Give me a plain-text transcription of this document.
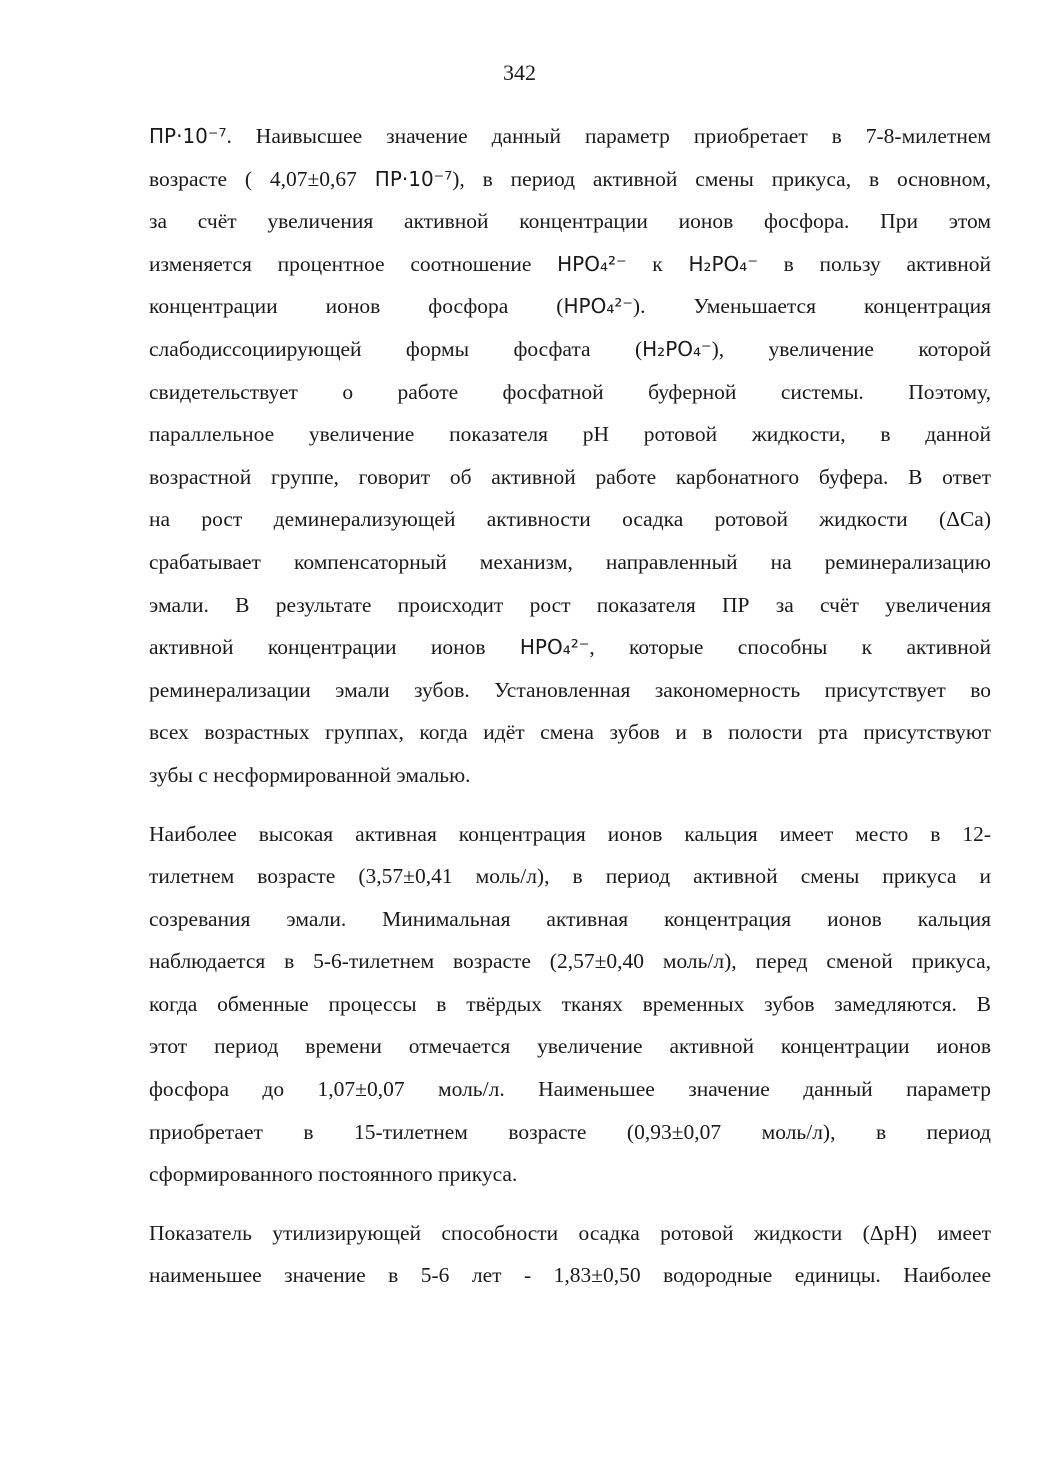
342
ПР·10⁻⁷. Наивысшее значение данный параметр приобретает в 7-8-милетнем
возрасте ( 4,07±0,67 ПР·10⁻⁷), в период активной смены прикуса, в основном,
за счёт увеличения активной концентрации ионов фосфора. При этом
изменяется процентное соотношение HPO₄²⁻ к H₂PO₄⁻ в пользу активной
концентрации ионов фосфора (HPO₄²⁻). Уменьшается концентрация
слабодиссоциирующей формы фосфата (H₂PO₄⁻), увеличение которой
свидетельствует о работе фосфатной буферной системы. Поэтому,
параллельное увеличение показателя рН ротовой жидкости, в данной
возрастной группе, говорит об активной работе карбонатного буфера. В ответ
на рост деминерализующей активности осадка ротовой жидкости (ΔCa)
срабатывает компенсаторный механизм, направленный на реминерализацию
эмали. В результате происходит рост показателя ПР за счёт увеличения
активной концентрации ионов HPO₄²⁻, которые способны к активной
реминерализации эмали зубов. Установленная закономерность присутствует во
всех возрастных группах, когда идёт смена зубов и в полости рта присутствуют
зубы с несформированной эмалью.
Наиболее высокая активная концентрация ионов кальция имеет место в 12-
тилетнем возрасте (3,57±0,41 моль/л), в период активной смены прикуса и
созревания эмали. Минимальная активная концентрация ионов кальция
наблюдается в 5-6-тилетнем возрасте (2,57±0,40 моль/л), перед сменой прикуса,
когда обменные процессы в твёрдых тканях временных зубов замедляются. В
этот период времени отмечается увеличение активной концентрации ионов
фосфора до 1,07±0,07 моль/л. Наименьшее значение данный параметр
приобретает в 15-тилетнем возрасте (0,93±0,07 моль/л), в период
сформированного постоянного прикуса.
Показатель утилизирующей способности осадка ротовой жидкости (ΔpH) имеет
наименьшее значение в 5-6 лет - 1,83±0,50 водородные единицы. Наиболее
